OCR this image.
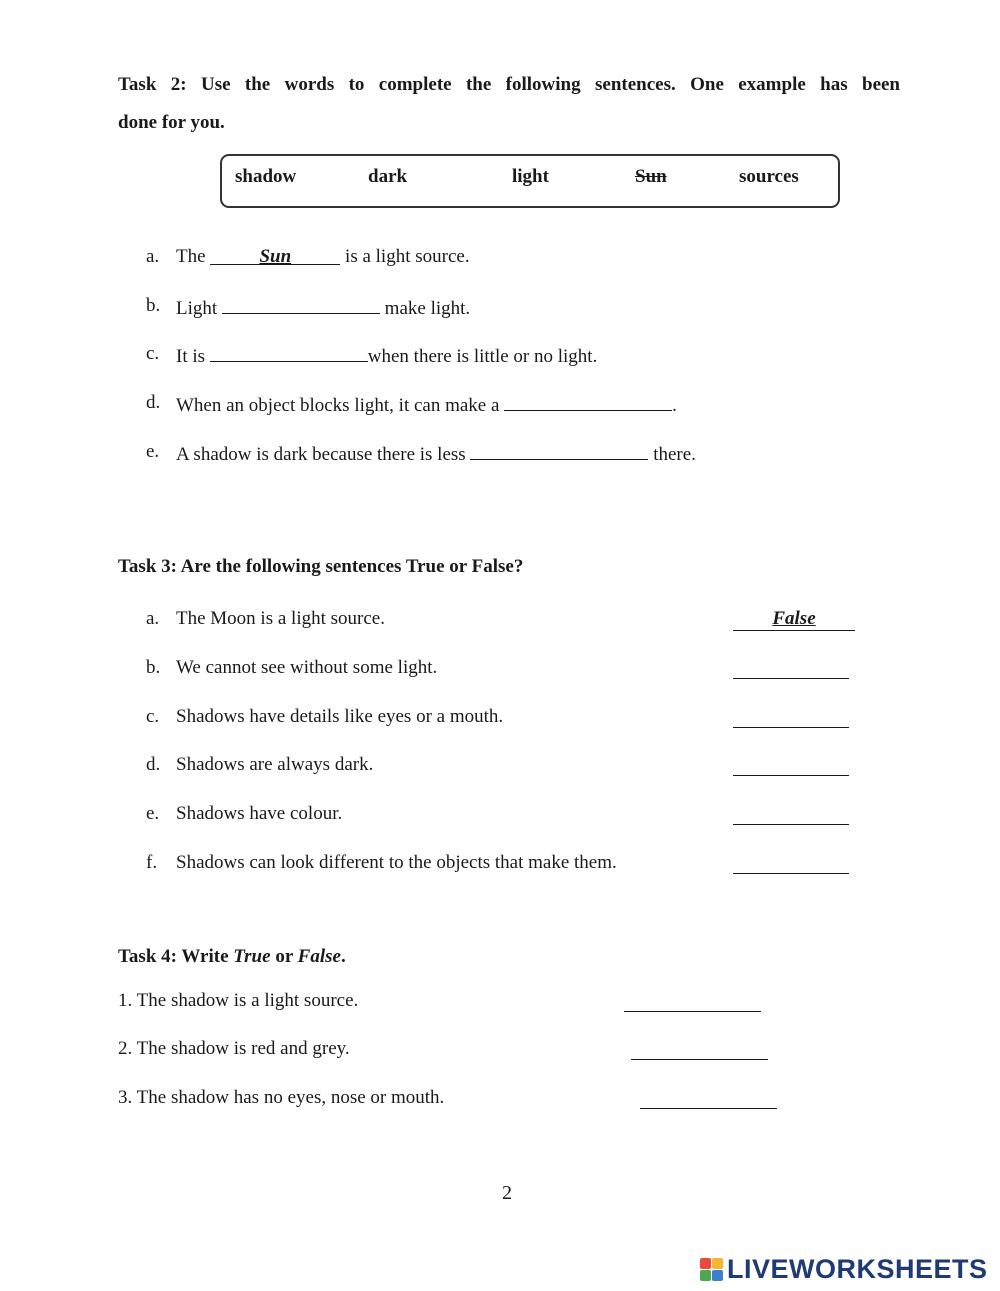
Task 2: Use the words to complete the following sentences. One example has been
done for you.
shadow	dark	light	Sun	sources
a. The	Sun	is a light source.
b. Light	make light.
c. It is	when there is little or no light.
d. When an object blocks light, it can make a	.
e. A shadow is dark because there is less	there.
Task 3: Are the following sentences True or False?
a. The Moon is a light source.	False
b. We cannot see without some light.
c. Shadows have details like eyes or a mouth.
d. Shadows are always dark.
e. Shadows have colour.
f. Shadows can look different to the objects that make them.
Task 4: Write True or False.
1. The shadow is a light source.
2. The shadow is red and grey.
3. The shadow has no eyes, nose or mouth.
2
LIVEWORKSHEETS
